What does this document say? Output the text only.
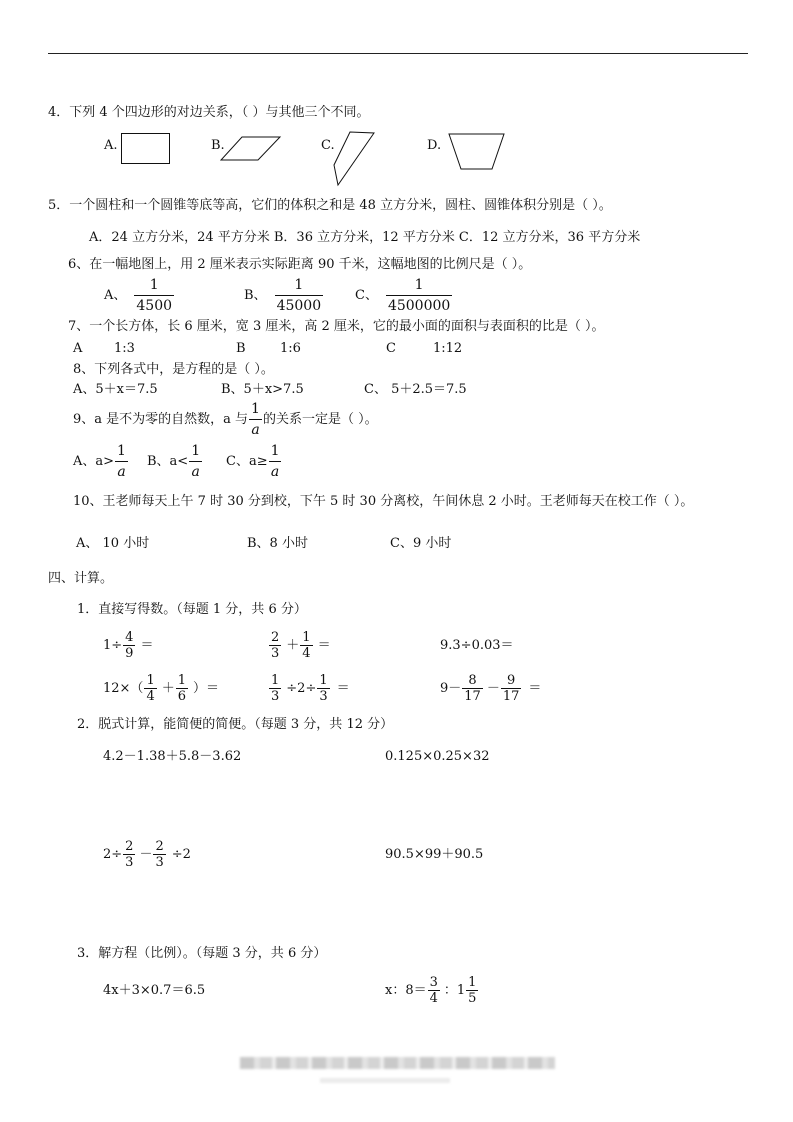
4．下列 4 个四边形的对边关系，（ ）与其他三个不同。
A.	B.	C.	D.
5．一个圆柱和一个圆锥等底等高，它们的体积之和是 48 立方分米，圆柱、圆锥体积分别是（ ）。
A．24 立方分米，24 平方分米 B．36 立方分米，12 平方分米 C．12 立方分米，36 平方分米
6、在一幅地图上，用 2 厘米表示实际距离 90 千米，这幅地图的比例尺是（ ）。
A、 $\frac{1}{4500}$	B、 $\frac{1}{45000}$ C、 $\frac{1}{4500000}$
7、一个长方体，长 6 厘米，宽 3 厘米，高 2 厘米，它的最小面的面积与表面积的比是（ ）。
A 1:3	B	1:6	C	1:12
8、下列各式中，是方程的是（ ）。
A、5＋x＝7.5	B、5＋x>7.5	C、 5＋2.5＝7.5
9、a 是不为零的自然数，a 与 $\frac{1}{a}$ 的关系一定是（ ）。
A、$a> \frac{1}{a}$ B、$a< \frac{1}{a}$ C、$a\ge \frac{1}{a}$
10、王老师每天上午 7 时 30 分到校，下午 5 时 30 分离校，午间休息 2 小时。王老师每天在校工作（ ）。
A、 10 小时	B、8 小时	C、9 小时
四、计算。
1．直接写得数。（每题 1 分，共 6 分）
$1\div \frac{4}{9}$ ＝	$\frac{2}{3} + \frac{1}{4}$ ＝	9.3÷0.03＝
$12\times( \frac{1}{4} + \frac{1}{6}$ ）＝	$\frac{1}{3} \div 2\div \frac{1}{3}$ ＝	$9- \frac{8}{17} - \frac{9}{17}$ ＝
2．脱式计算，能简便的简便。（每题 3 分，共 12 分）
4.2－1.38＋5.8－3.62	0.125×0.25×32
$2\div \frac{2}{3} - \frac{2}{3} \div 2$	90.5×99＋90.5
3．解方程（比例）。（每题 3 分，共 6 分）
4x＋3×0.7＝6.5	x：$8= \frac{3}{4}$ ：$1 \frac{1}{5}$
